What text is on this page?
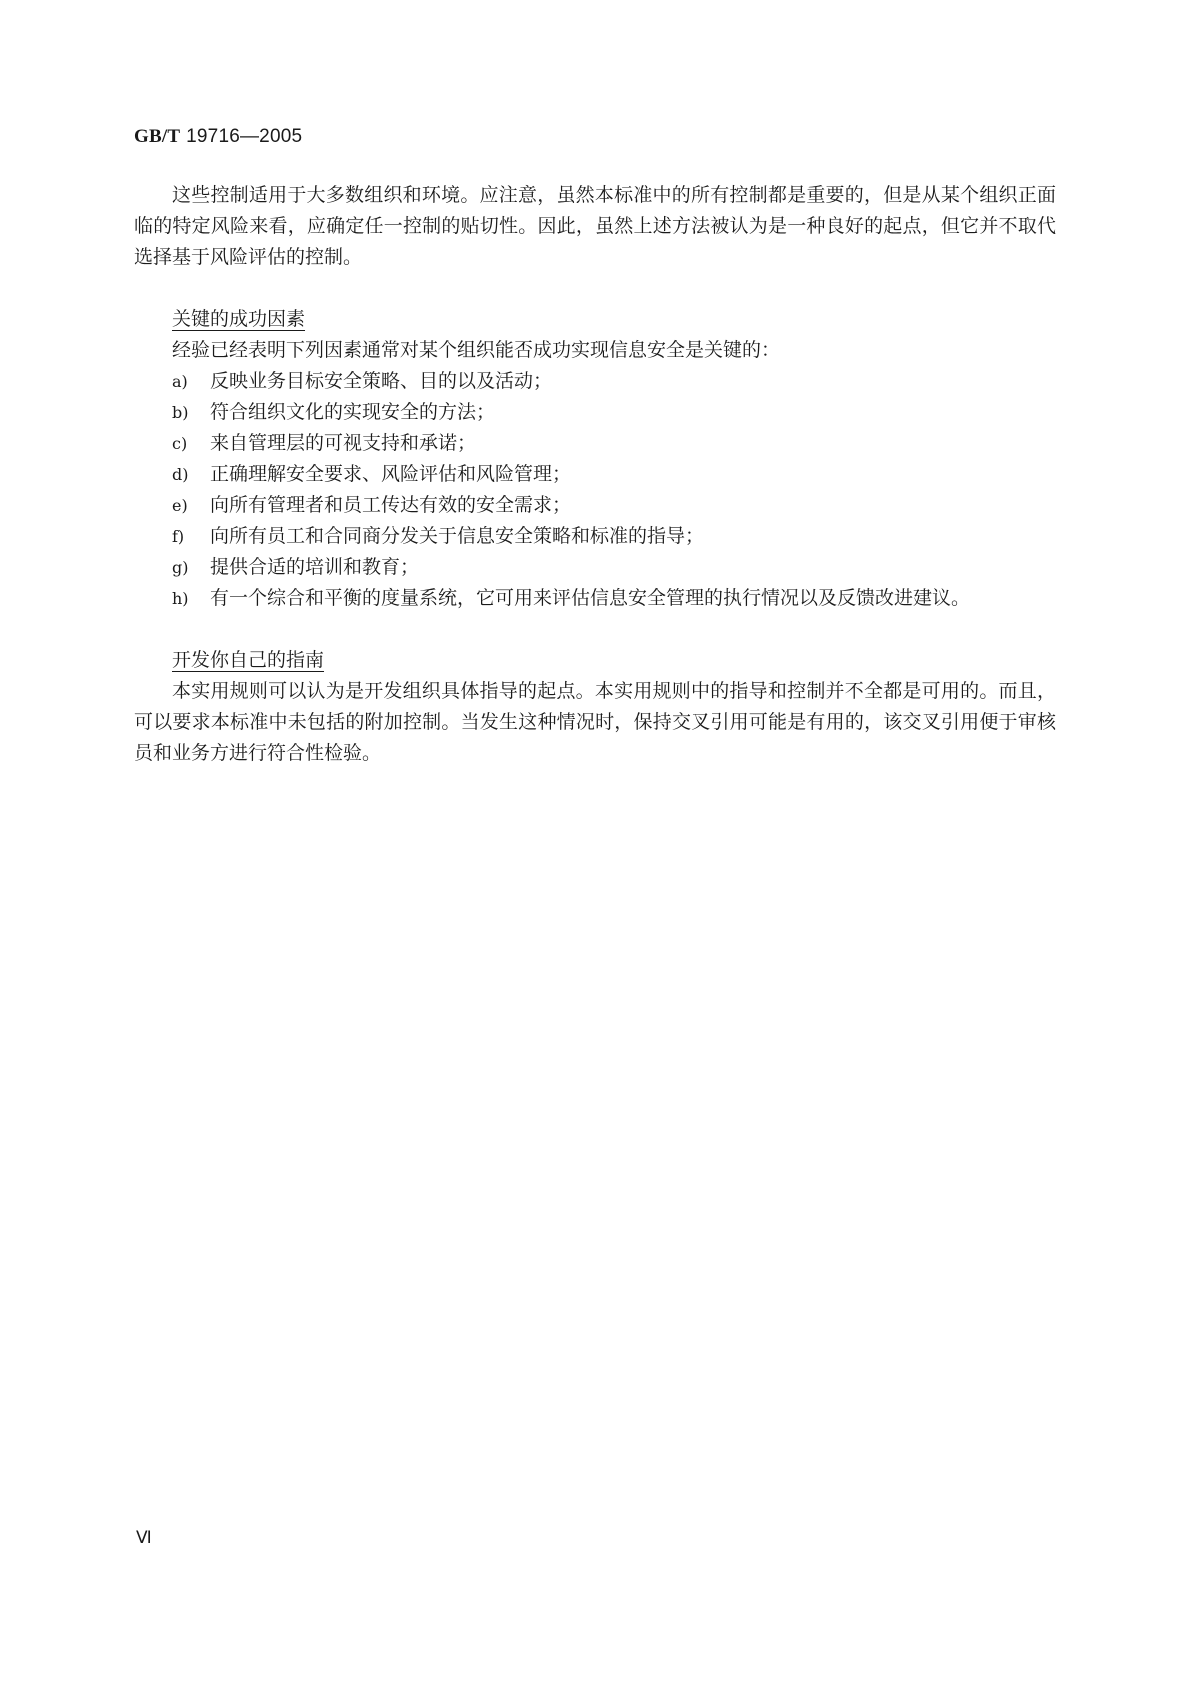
GB/T 19716—2005

这些控制适用于大多数组织和环境。应注意，虽然本标准中的所有控制都是重要的，但是从某个组织正面临的特定风险来看，应确定任一控制的贴切性。因此，虽然上述方法被认为是一种良好的起点，但它并不取代选择基于风险评估的控制。

关键的成功因素

经验已经表明下列因素通常对某个组织能否成功实现信息安全是关键的：

a)	反映业务目标安全策略、目的以及活动；
b)	符合组织文化的实现安全的方法；
c)	来自管理层的可视支持和承诺；
d)	正确理解安全要求、风险评估和风险管理；
e)	向所有管理者和员工传达有效的安全需求；
f)	向所有员工和合同商分发关于信息安全策略和标准的指导；
g)	提供合适的培训和教育；
h)	有一个综合和平衡的度量系统，它可用来评估信息安全管理的执行情况以及反馈改进建议。
开发你自己的指南

本实用规则可以认为是开发组织具体指导的起点。本实用规则中的指导和控制并不全都是可用的。而且，可以要求本标准中未包括的附加控制。当发生这种情况时，保持交叉引用可能是有用的，该交叉引用便于审核员和业务方进行符合性检验。

Ⅵ
